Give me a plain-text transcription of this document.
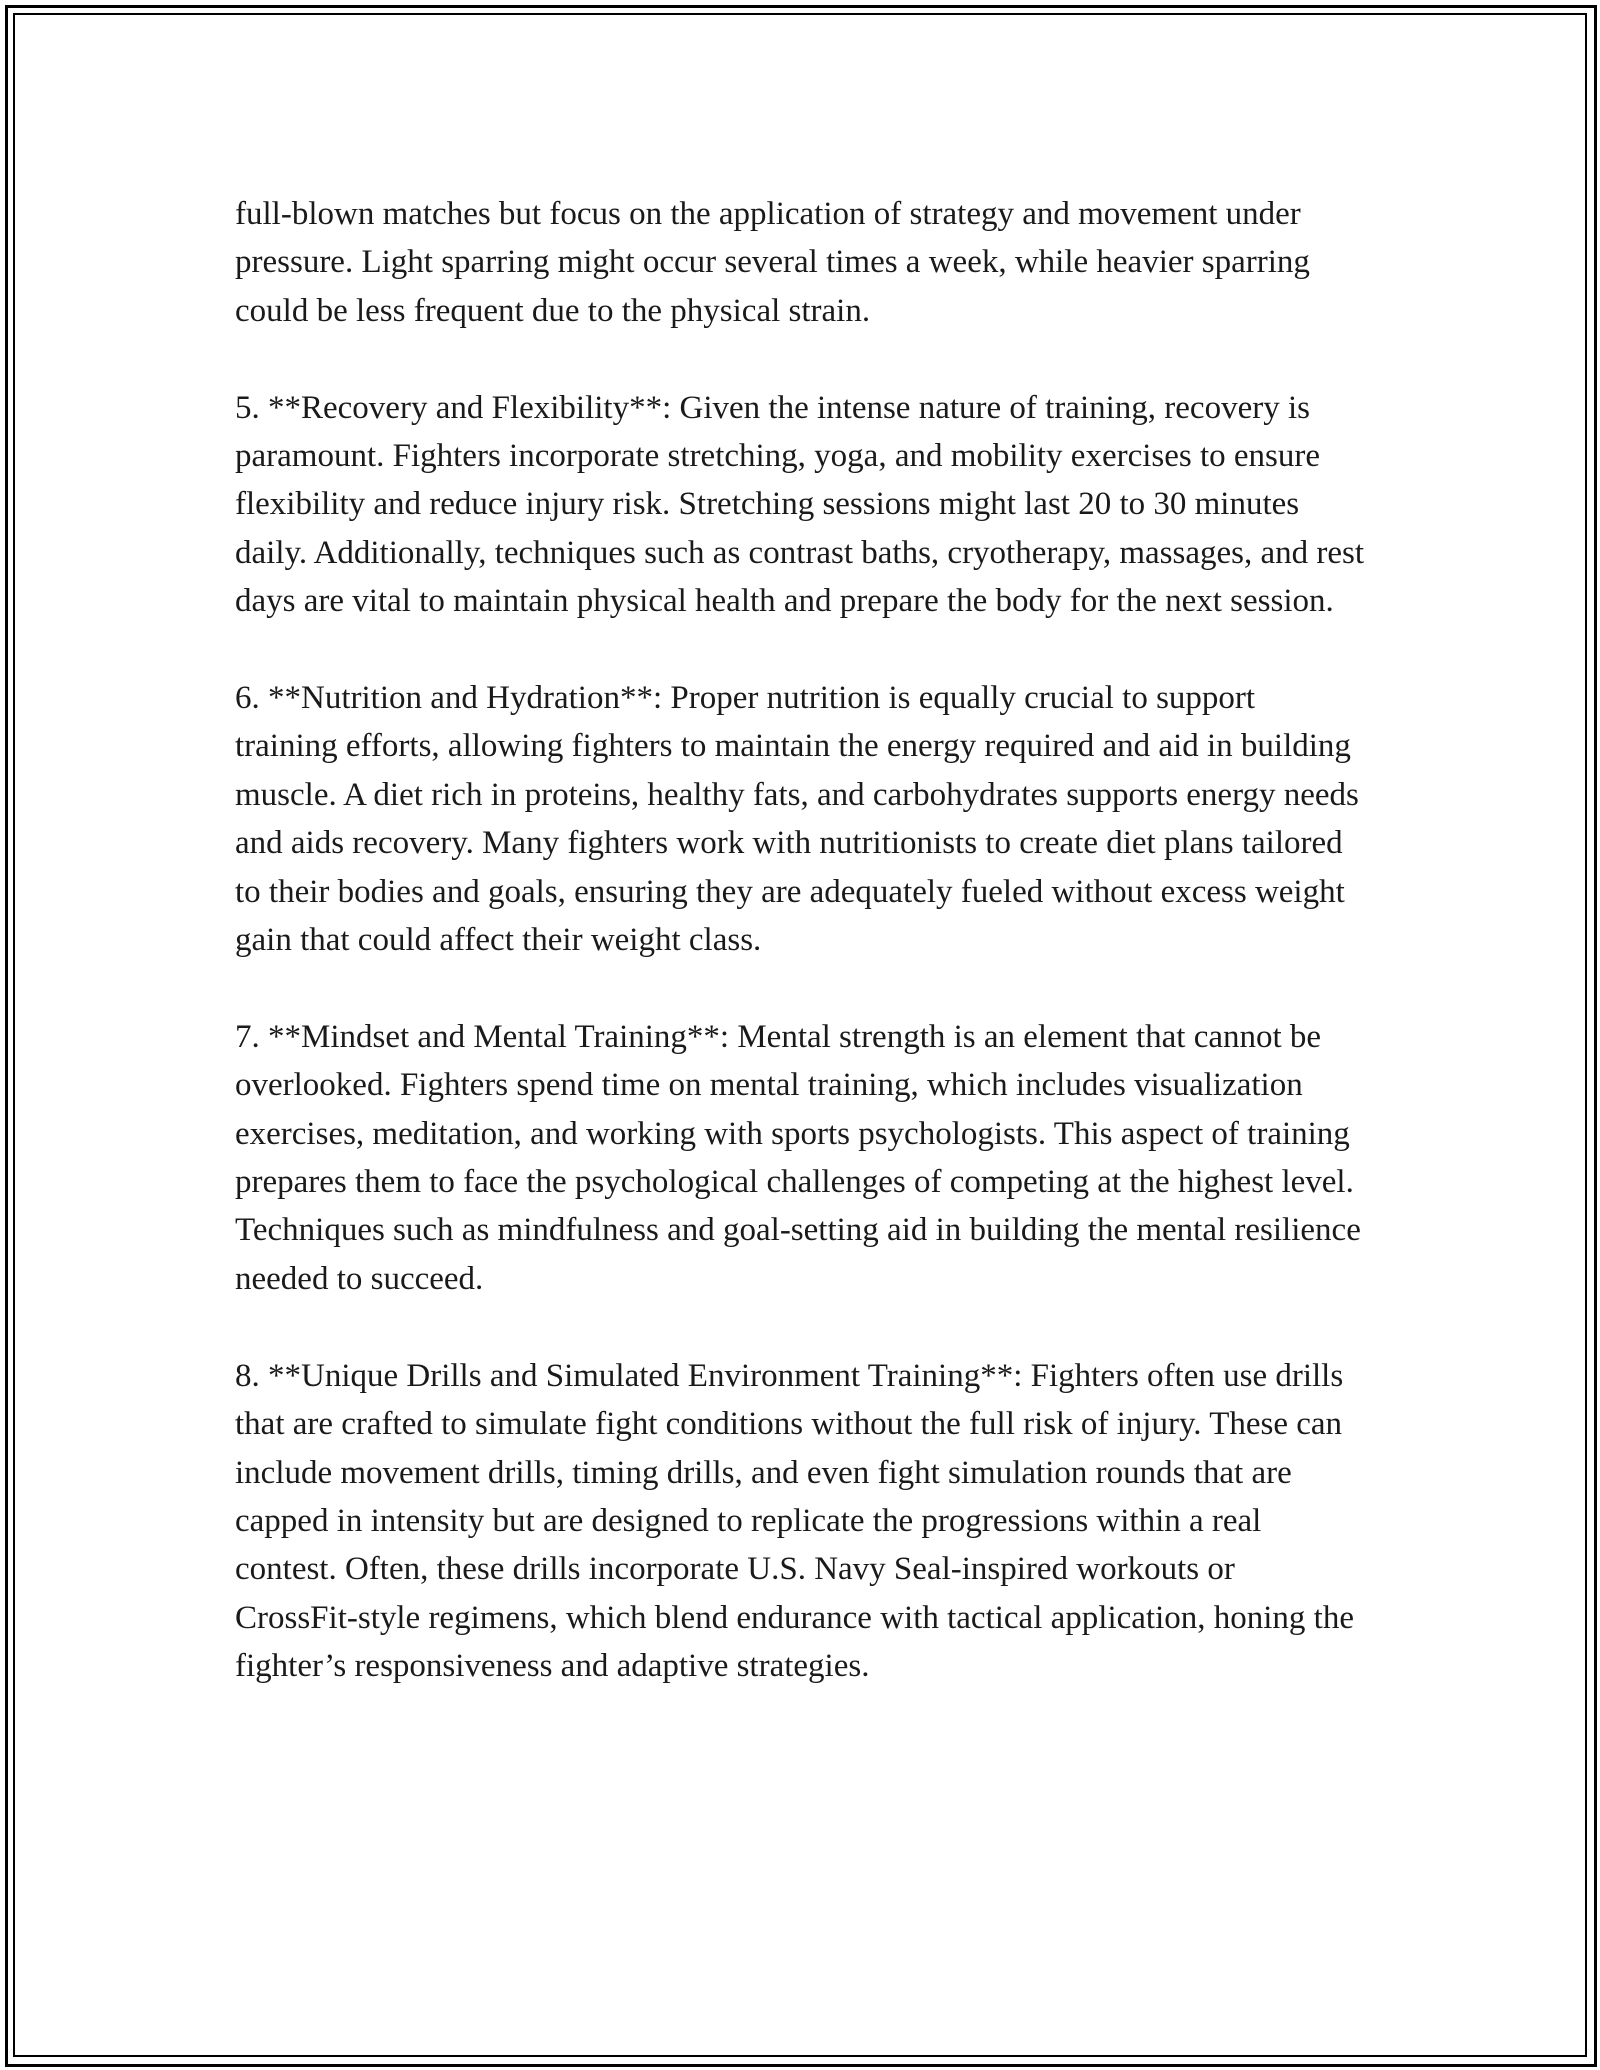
full-blown matches but focus on the application of strategy and movement under pressure. Light sparring might occur several times a week, while heavier sparring could be less frequent due to the physical strain.

5. **Recovery and Flexibility**: Given the intense nature of training, recovery is paramount. Fighters incorporate stretching, yoga, and mobility exercises to ensure flexibility and reduce injury risk. Stretching sessions might last 20 to 30 minutes daily. Additionally, techniques such as contrast baths, cryotherapy, massages, and rest days are vital to maintain physical health and prepare the body for the next session.

6. **Nutrition and Hydration**: Proper nutrition is equally crucial to support training efforts, allowing fighters to maintain the energy required and aid in building muscle. A diet rich in proteins, healthy fats, and carbohydrates supports energy needs and aids recovery. Many fighters work with nutritionists to create diet plans tailored to their bodies and goals, ensuring they are adequately fueled without excess weight gain that could affect their weight class.

7. **Mindset and Mental Training**: Mental strength is an element that cannot be overlooked. Fighters spend time on mental training, which includes visualization exercises, meditation, and working with sports psychologists. This aspect of training prepares them to face the psychological challenges of competing at the highest level. Techniques such as mindfulness and goal-setting aid in building the mental resilience needed to succeed.

8. **Unique Drills and Simulated Environment Training**: Fighters often use drills that are crafted to simulate fight conditions without the full risk of injury. These can include movement drills, timing drills, and even fight simulation rounds that are capped in intensity but are designed to replicate the progressions within a real contest. Often, these drills incorporate U.S. Navy Seal-inspired workouts or CrossFit-style regimens, which blend endurance with tactical application, honing the fighter’s responsiveness and adaptive strategies.
